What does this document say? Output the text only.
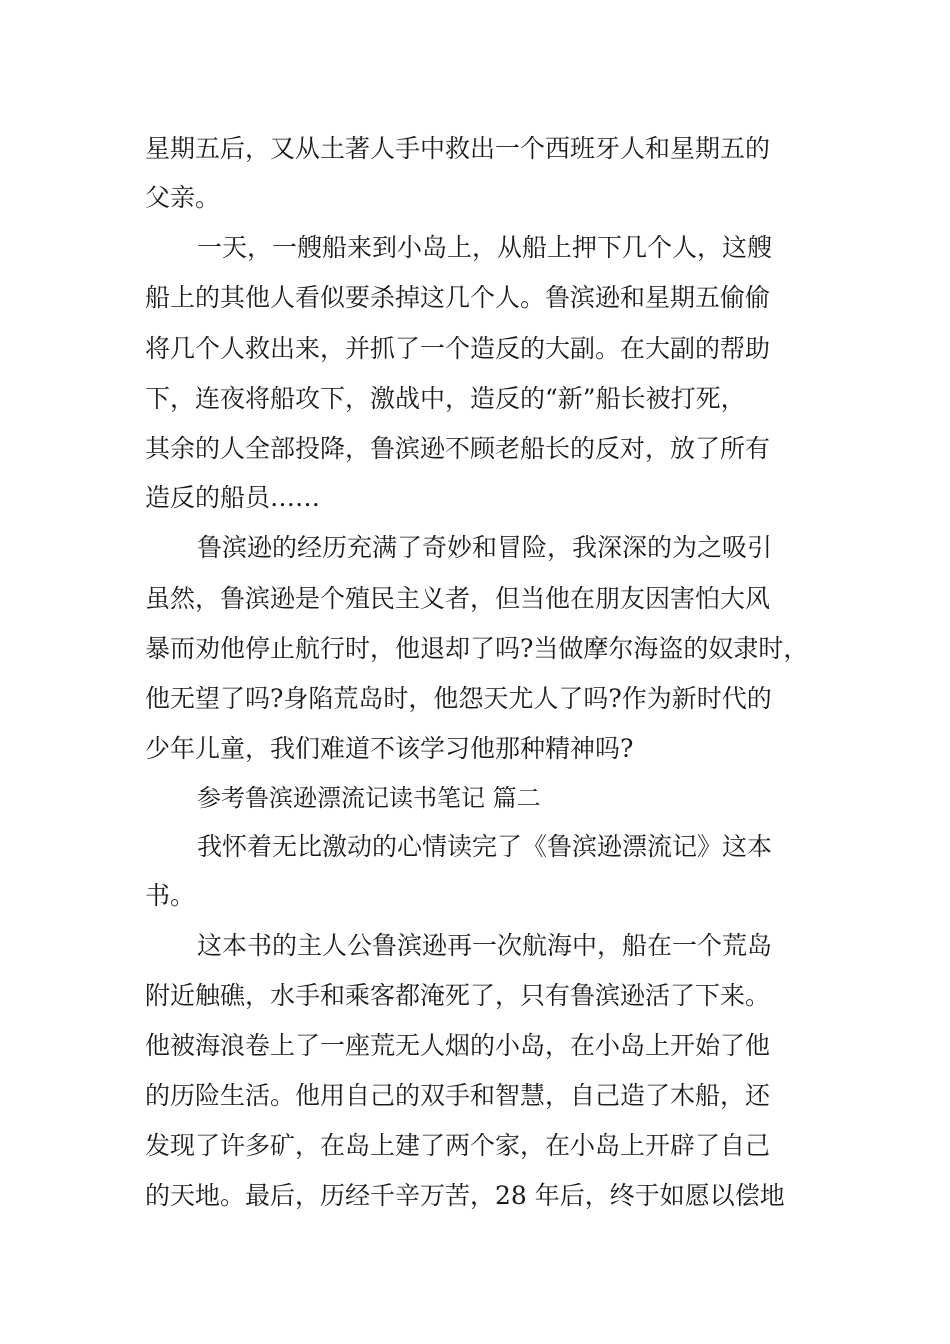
星期五后，又从土著人手中救出一个西班牙人和星期五的

父亲。

一天，一艘船来到小岛上，从船上押下几个人，这艘

船上的其他人看似要杀掉这几个人。鲁滨逊和星期五偷偷

将几个人救出来，并抓了一个造反的大副。在大副的帮助

下，连夜将船攻下，激战中，造反的“新”船长被打死，

其余的人全部投降，鲁滨逊不顾老船长的反对，放了所有

造反的船员……

鲁滨逊的经历充满了奇妙和冒险，我深深的为之吸引

虽然，鲁滨逊是个殖民主义者，但当他在朋友因害怕大风

暴而劝他停止航行时，他退却了吗?当做摩尔海盗的奴隶时，

他无望了吗?身陷荒岛时，他怨天尤人了吗?作为新时代的

少年儿童，我们难道不该学习他那种精神吗?

参考鲁滨逊漂流记读书笔记 篇二

我怀着无比激动的心情读完了《鲁滨逊漂流记》这本

书。

这本书的主人公鲁滨逊再一次航海中，船在一个荒岛

附近触礁，水手和乘客都淹死了，只有鲁滨逊活了下来。

他被海浪卷上了一座荒无人烟的小岛，在小岛上开始了他

的历险生活。他用自己的双手和智慧，自己造了木船，还

发现了许多矿，在岛上建了两个家，在小岛上开辟了自己

的天地。最后，历经千辛万苦，28 年后，终于如愿以偿地
